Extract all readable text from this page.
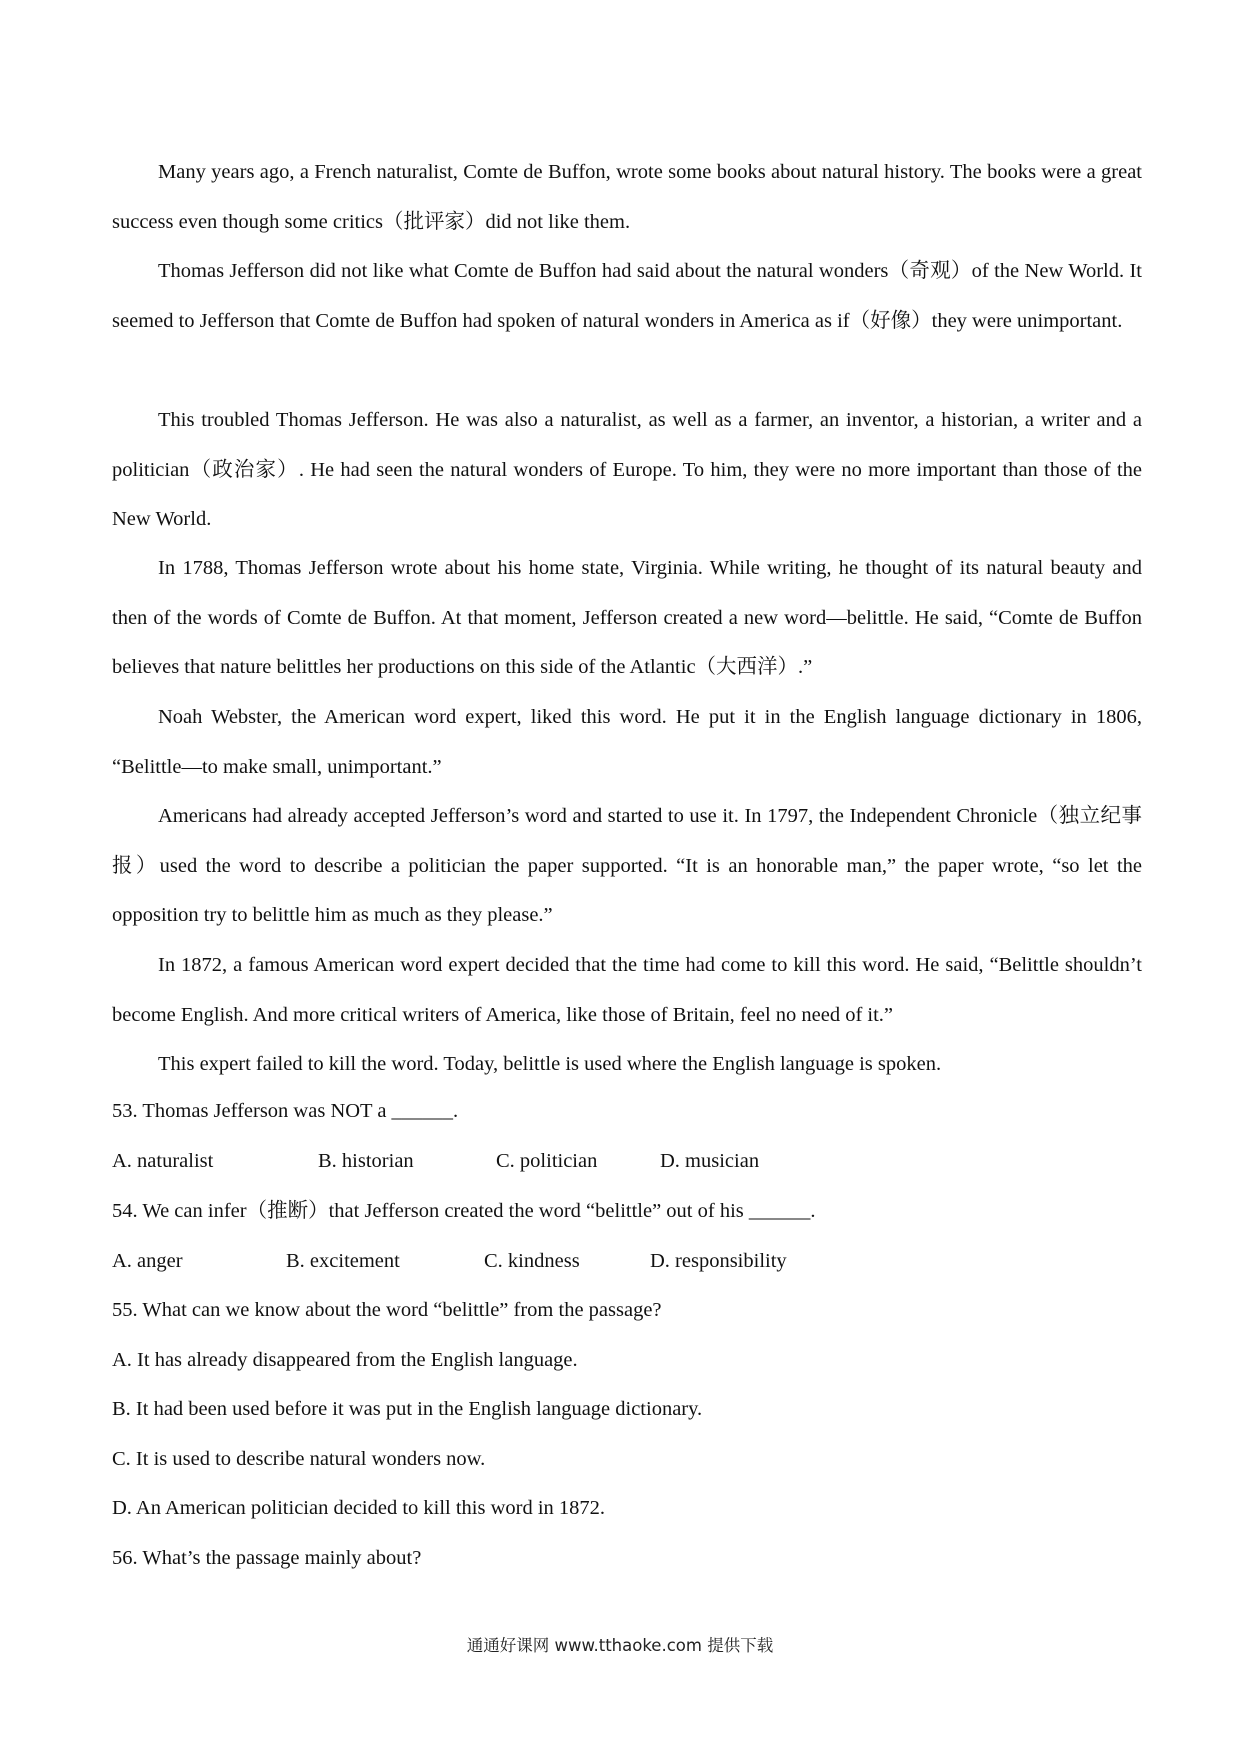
Many years ago, a French naturalist, Comte de Buffon, wrote some books about natural history. The books were a great success even though some critics（批评家）did not like them.

Thomas Jefferson did not like what Comte de Buffon had said about the natural wonders（奇观）of the New World. It seemed to Jefferson that Comte de Buffon had spoken of natural wonders in America as if（好像）they were unimportant.

This troubled Thomas Jefferson. He was also a naturalist, as well as a farmer, an inventor, a historian, a writer and a politician（政治家）. He had seen the natural wonders of Europe. To him, they were no more important than those of the New World.

In 1788, Thomas Jefferson wrote about his home state, Virginia. While writing, he thought of its natural beauty and then of the words of Comte de Buffon. At that moment, Jefferson created a new word—belittle. He said, “Comte de Buffon believes that nature belittles her productions on this side of the Atlantic（大西洋）.”

Noah Webster, the American word expert, liked this word. He put it in the English language dictionary in 1806, “Belittle—to make small, unimportant.”

Americans had already accepted Jefferson’s word and started to use it. In 1797, the Independent Chronicle（独立纪事报）used the word to describe a politician the paper supported. “It is an honorable man,” the paper wrote, “so let the opposition try to belittle him as much as they please.”

In 1872, a famous American word expert decided that the time had come to kill this word. He said, “Belittle shouldn’t become English. And more critical writers of America, like those of Britain, feel no need of it.”

This expert failed to kill the word. Today, belittle is used where the English language is spoken.

53. Thomas Jefferson was NOT a ______.

A. naturalist	B. historian	C. politician	D. musician

54. We can infer（推断）that Jefferson created the word “belittle” out of his ______.

A. anger	B. excitement	C. kindness	D. responsibility

55. What can we know about the word “belittle” from the passage?

A. It has already disappeared from the English language.

B. It had been used before it was put in the English language dictionary.

C. It is used to describe natural wonders now.

D. An American politician decided to kill this word in 1872.

56. What’s the passage mainly about?

通通好课网 www.tthaoke.com 提供下载
